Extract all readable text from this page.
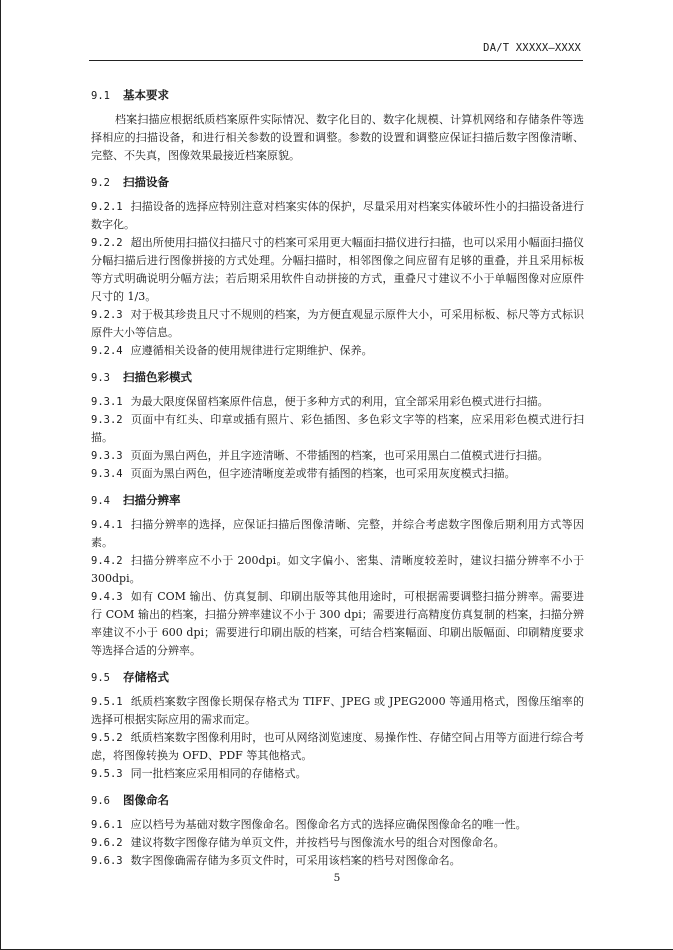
DA/T XXXXX—XXXX
9.1 基本要求

档案扫描应根据纸质档案原件实际情况、数字化目的、数字化规模、计算机网络和存储条件等选择相应的扫描设备，和进行相关参数的设置和调整。参数的设置和调整应保证扫描后数字图像清晰、完整、不失真，图像效果最接近档案原貌。

9.2 扫描设备

9.2.1 扫描设备的选择应特别注意对档案实体的保护，尽量采用对档案实体破坏性小的扫描设备进行数字化。

9.2.2 超出所使用扫描仪扫描尺寸的档案可采用更大幅面扫描仪进行扫描，也可以采用小幅面扫描仪分幅扫描后进行图像拼接的方式处理。分幅扫描时，相邻图像之间应留有足够的重叠，并且采用标板等方式明确说明分幅方法；若后期采用软件自动拼接的方式，重叠尺寸建议不小于单幅图像对应原件尺寸的 1/3。

9.2.3 对于极其珍贵且尺寸不规则的档案，为方便直观显示原件大小，可采用标板、标尺等方式标识原件大小等信息。

9.2.4 应遵循相关设备的使用规律进行定期维护、保养。

9.3 扫描色彩模式

9.3.1 为最大限度保留档案原件信息，便于多种方式的利用，宜全部采用彩色模式进行扫描。

9.3.2 页面中有红头、印章或插有照片、彩色插图、多色彩文字等的档案，应采用彩色模式进行扫描。

9.3.3 页面为黑白两色，并且字迹清晰、不带插图的档案，也可采用黑白二值模式进行扫描。

9.3.4 页面为黑白两色，但字迹清晰度差或带有插图的档案，也可采用灰度模式扫描。

9.4 扫描分辨率

9.4.1 扫描分辨率的选择，应保证扫描后图像清晰、完整，并综合考虑数字图像后期利用方式等因素。

9.4.2 扫描分辨率应不小于 200dpi。如文字偏小、密集、清晰度较差时，建议扫描分辨率不小于 300dpi。

9.4.3 如有 COM 输出、仿真复制、印刷出版等其他用途时，可根据需要调整扫描分辨率。需要进行 COM 输出的档案，扫描分辨率建议不小于 300 dpi；需要进行高精度仿真复制的档案，扫描分辨率建议不小于 600 dpi；需要进行印刷出版的档案，可结合档案幅面、印刷出版幅面、印刷精度要求等选择合适的分辨率。

9.5 存储格式

9.5.1 纸质档案数字图像长期保存格式为 TIFF、JPEG 或 JPEG2000 等通用格式，图像压缩率的选择可根据实际应用的需求而定。

9.5.2 纸质档案数字图像利用时，也可从网络浏览速度、易操作性、存储空间占用等方面进行综合考虑，将图像转换为 OFD、PDF 等其他格式。

9.5.3 同一批档案应采用相同的存储格式。

9.6 图像命名

9.6.1 应以档号为基础对数字图像命名。图像命名方式的选择应确保图像命名的唯一性。

9.6.2 建议将数字图像存储为单页文件，并按档号与图像流水号的组合对图像命名。

9.6.3 数字图像确需存储为多页文件时，可采用该档案的档号对图像命名。

5
